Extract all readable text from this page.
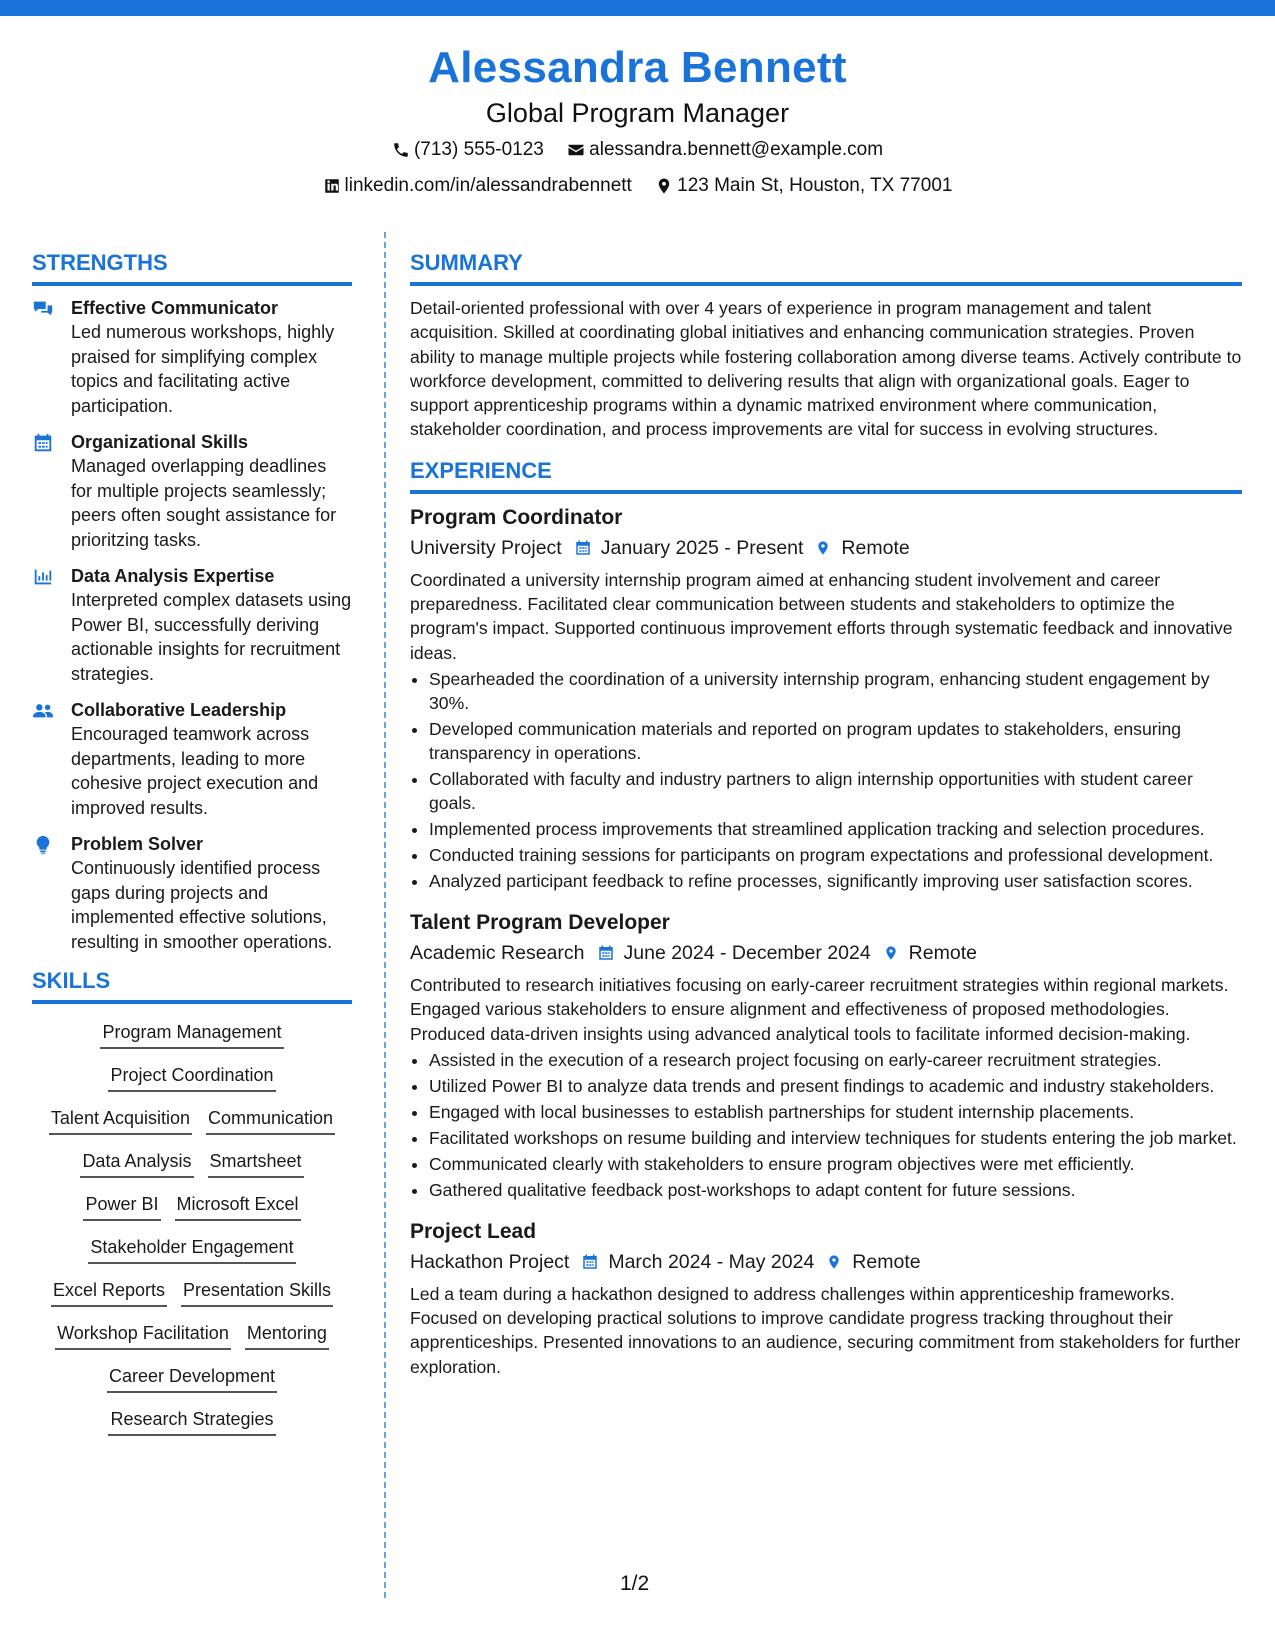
Alessandra Bennett
Global Program Manager
(713) 555-0123
alessandra.bennett@example.com
linkedin.com/in/alessandrabennett
123 Main St, Houston, TX 77001
STRENGTHS
Effective Communicator
Led numerous workshops, highly praised for simplifying complex topics and facilitating active participation.
Organizational Skills
Managed overlapping deadlines for multiple projects seamlessly; peers often sought assistance for prioritzing tasks.
Data Analysis Expertise
Interpreted complex datasets using Power BI, successfully deriving actionable insights for recruitment strategies.
Collaborative Leadership
Encouraged teamwork across departments, leading to more cohesive project execution and improved results.
Problem Solver
Continuously identified process gaps during projects and implemented effective solutions, resulting in smoother operations.
SKILLS
Program Management
Project Coordination
Talent Acquisition Communication
Data Analysis Smartsheet
Power BI Microsoft Excel
Stakeholder Engagement
Excel Reports Presentation Skills
Workshop Facilitation Mentoring
Career Development
Research Strategies
SUMMARY
Detail-oriented professional with over 4 years of experience in program management and talent acquisition. Skilled at coordinating global initiatives and enhancing communication strategies. Proven ability to manage multiple projects while fostering collaboration among diverse teams. Actively contribute to workforce development, committed to delivering results that align with organizational goals. Eager to support apprenticeship programs within a dynamic matrixed environment where communication, stakeholder coordination, and process improvements are vital for success in evolving structures.
EXPERIENCE
Program Coordinator
University Project January 2025 - Present Remote
Coordinated a university internship program aimed at enhancing student involvement and career preparedness. Facilitated clear communication between students and stakeholders to optimize the program's impact. Supported continuous improvement efforts through systematic feedback and innovative ideas.
• Spearheaded the coordination of a university internship program, enhancing student engagement by 30%.
• Developed communication materials and reported on program updates to stakeholders, ensuring transparency in operations.
• Collaborated with faculty and industry partners to align internship opportunities with student career goals.
• Implemented process improvements that streamlined application tracking and selection procedures.
• Conducted training sessions for participants on program expectations and professional development.
• Analyzed participant feedback to refine processes, significantly improving user satisfaction scores.
Talent Program Developer
Academic Research June 2024 - December 2024 Remote
Contributed to research initiatives focusing on early-career recruitment strategies within regional markets. Engaged various stakeholders to ensure alignment and effectiveness of proposed methodologies. Produced data-driven insights using advanced analytical tools to facilitate informed decision-making.
• Assisted in the execution of a research project focusing on early-career recruitment strategies.
• Utilized Power BI to analyze data trends and present findings to academic and industry stakeholders.
• Engaged with local businesses to establish partnerships for student internship placements.
• Facilitated workshops on resume building and interview techniques for students entering the job market.
• Communicated clearly with stakeholders to ensure program objectives were met efficiently.
• Gathered qualitative feedback post-workshops to adapt content for future sessions.
Project Lead
Hackathon Project March 2024 - May 2024 Remote
Led a team during a hackathon designed to address challenges within apprenticeship frameworks. Focused on developing practical solutions to improve candidate progress tracking throughout their apprenticeships. Presented innovations to an audience, securing commitment from stakeholders for further exploration.
1/2
